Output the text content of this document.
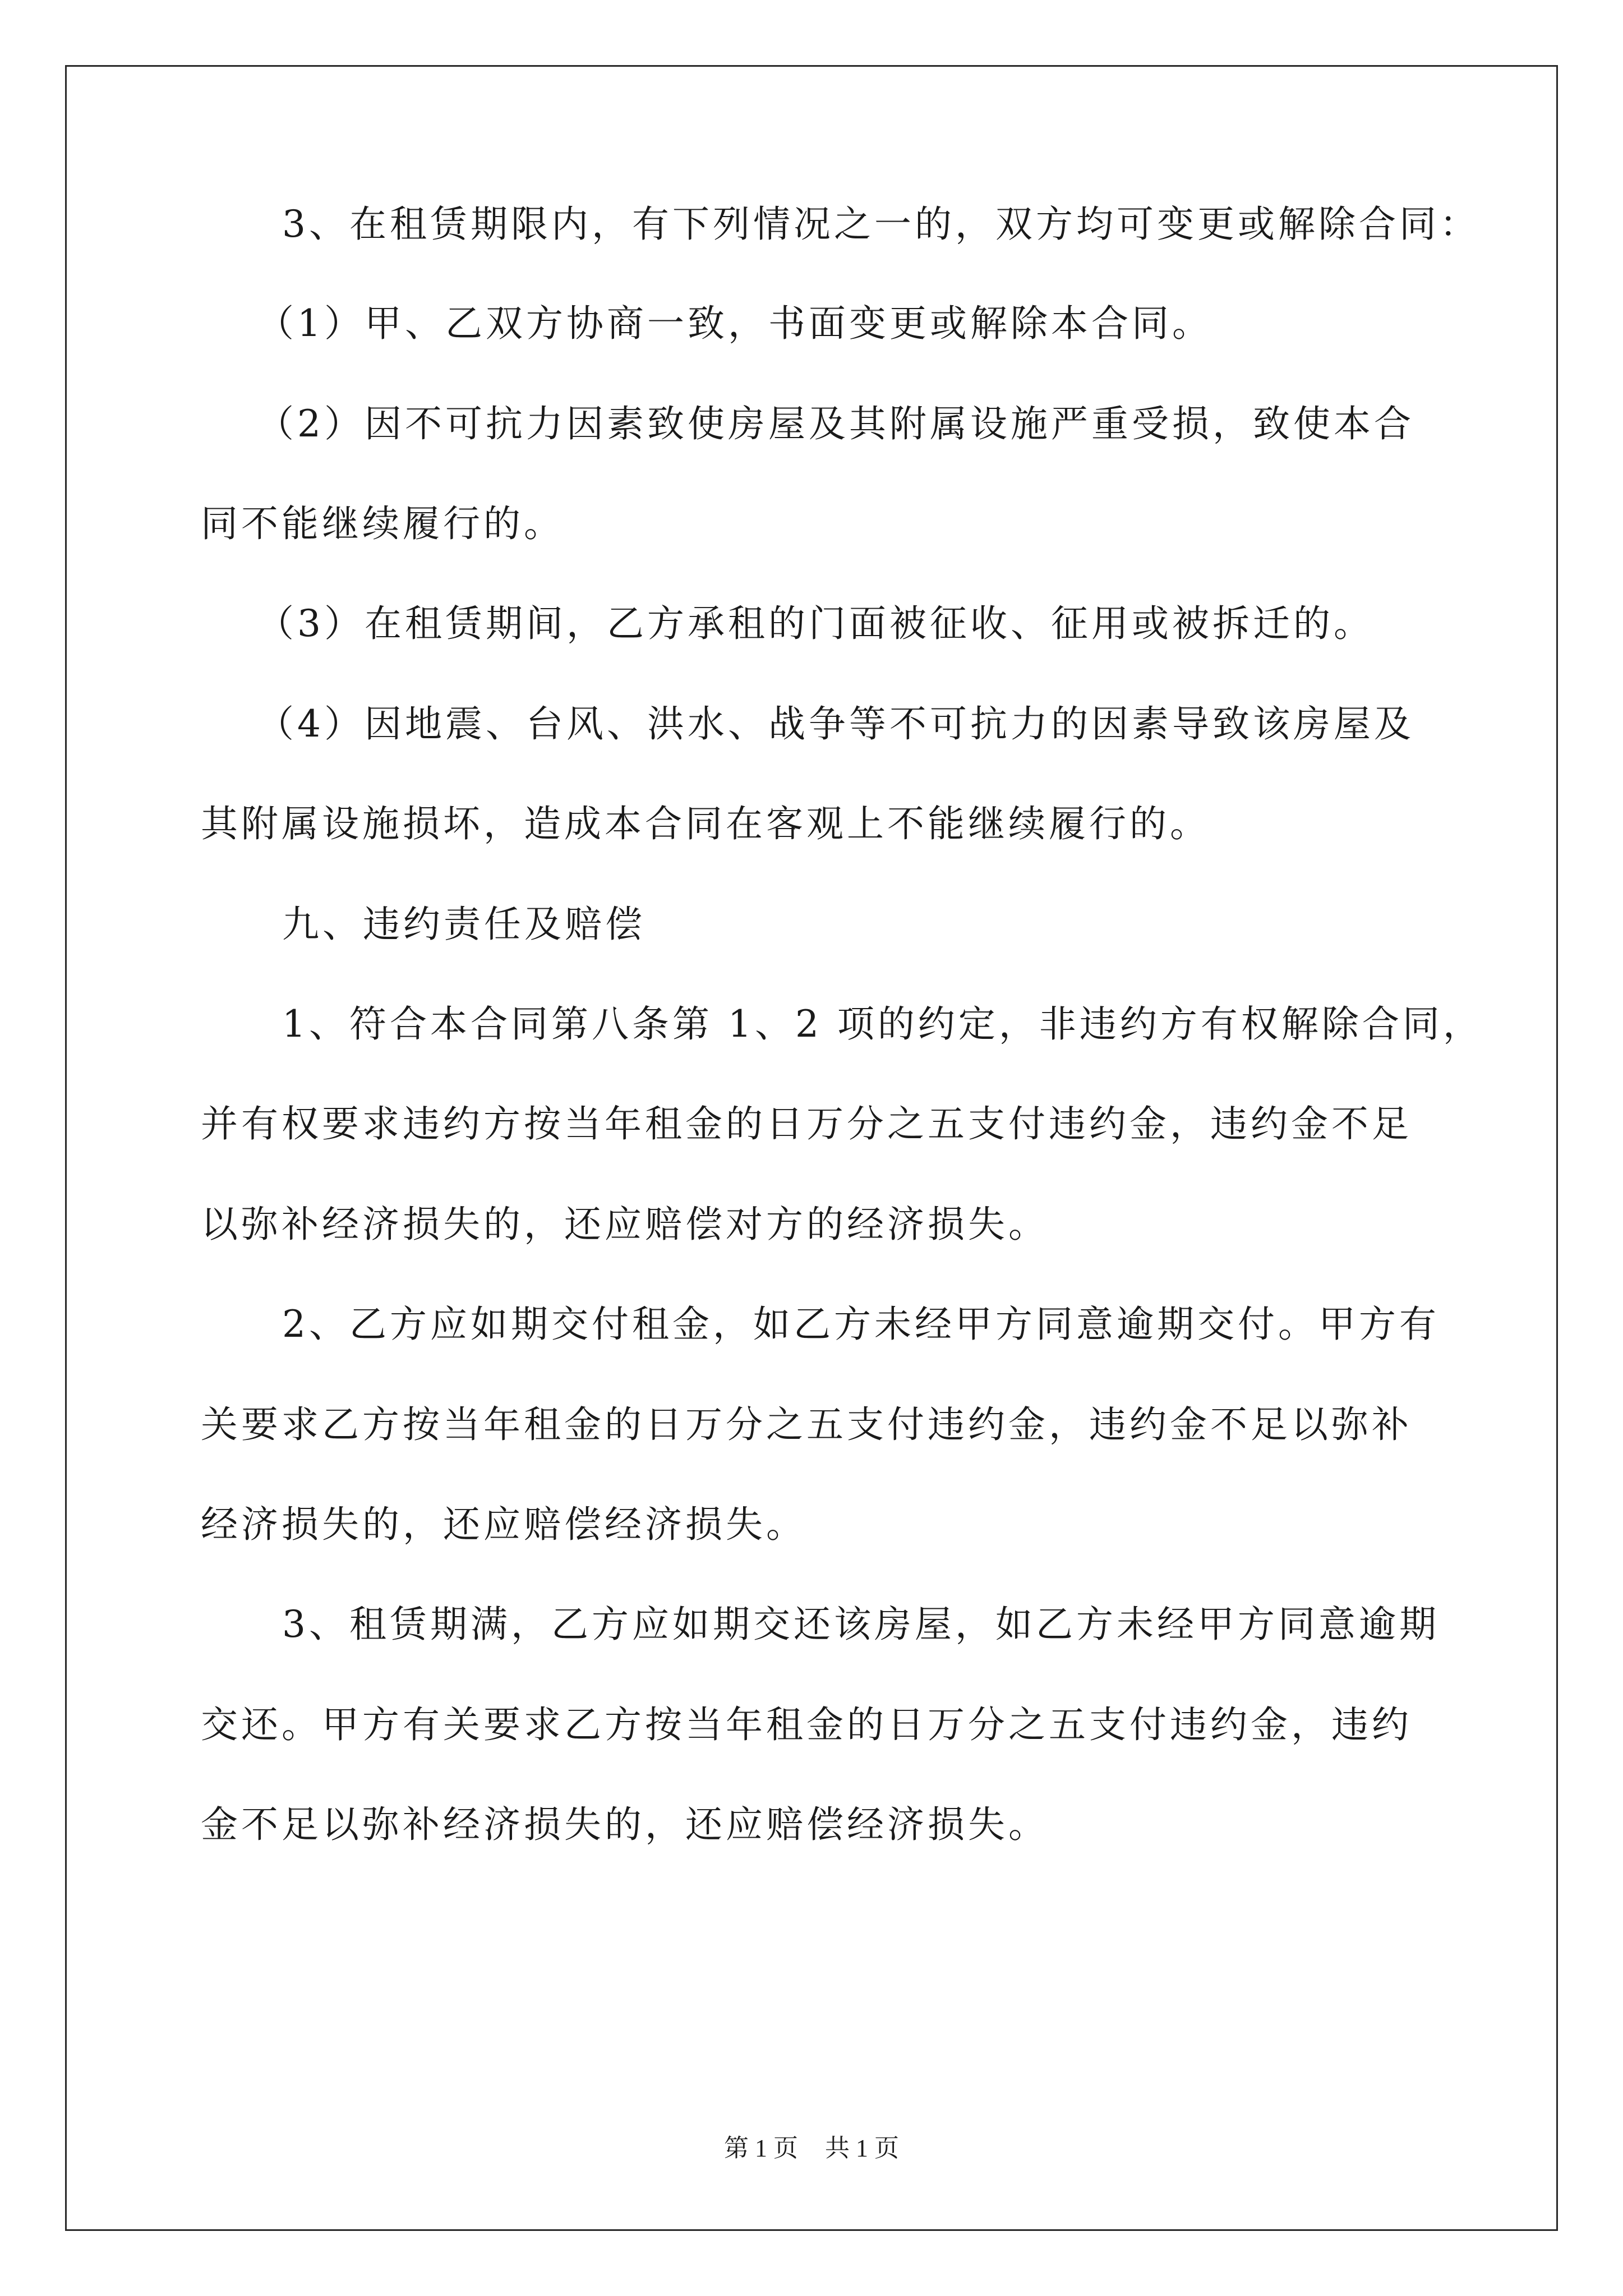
3、在租赁期限内，有下列情况之一的，双方均可变更或解除合同：
（1）甲、乙双方协商一致，书面变更或解除本合同。
（2）因不可抗力因素致使房屋及其附属设施严重受损，致使本合
同不能继续履行的。
（3）在租赁期间，乙方承租的门面被征收、征用或被拆迁的。
（4）因地震、台风、洪水、战争等不可抗力的因素导致该房屋及
其附属设施损坏，造成本合同在客观上不能继续履行的。
九、违约责任及赔偿
1、符合本合同第八条第 1、2 项的约定，非违约方有权解除合同，
并有权要求违约方按当年租金的日万分之五支付违约金，违约金不足
以弥补经济损失的，还应赔偿对方的经济损失。
2、乙方应如期交付租金，如乙方未经甲方同意逾期交付。甲方有
关要求乙方按当年租金的日万分之五支付违约金，违约金不足以弥补
经济损失的，还应赔偿经济损失。
3、租赁期满，乙方应如期交还该房屋，如乙方未经甲方同意逾期
交还。甲方有关要求乙方按当年租金的日万分之五支付违约金，违约
金不足以弥补经济损失的，还应赔偿经济损失。
第 1 页 共 1 页
